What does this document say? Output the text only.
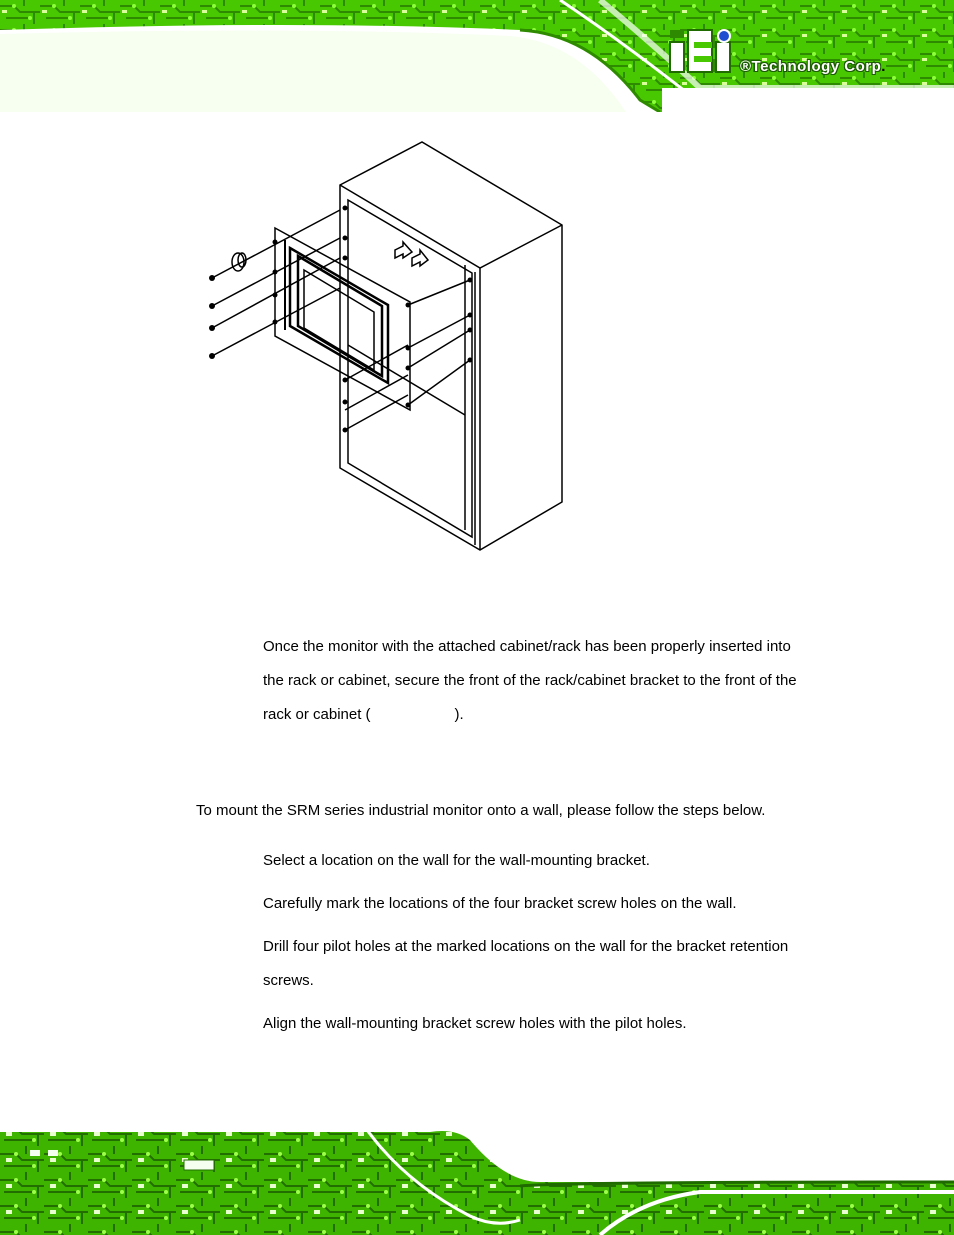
®Technology Corp.
Once the monitor with the attached cabinet/rack has been properly inserted into
the rack or cabinet, secure the front of the rack/cabinet bracket to the front of the
rack or cabinet (	).
To mount the SRM series industrial monitor onto a wall, please follow the steps below.
Select a location on the wall for the wall-mounting bracket.
Carefully mark the locations of the four bracket screw holes on the wall.
Drill four pilot holes at the marked locations on the wall for the bracket retention
screws.
Align the wall-mounting bracket screw holes with the pilot holes.
